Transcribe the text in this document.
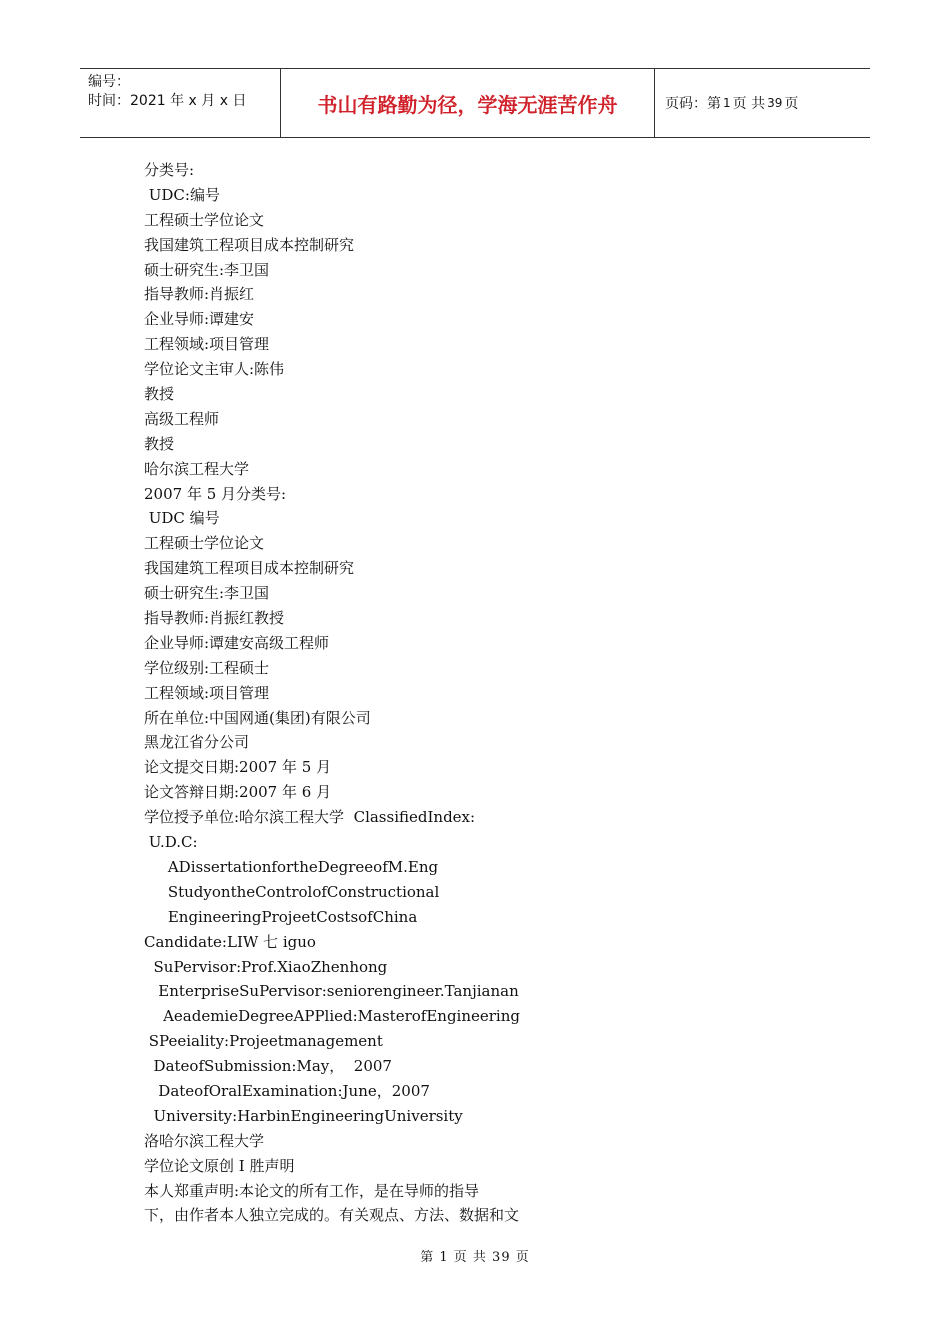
编号：
时间：2021 年 x 月 x 日	书山有路勤为径，学海无涯苦作舟	页码：第 1 页 共 39 页
分类号:
UDC:编号
工程硕士学位论文
我国建筑工程项目成本控制研究
硕士研究生:李卫国
指导教师:肖振红
企业导师:谭建安
工程领域:项目管理
学位论文主审人:陈伟
教授
高级工程师
教授
哈尔滨工程大学
2007 年 5 月分类号:
UDC 编号
工程硕士学位论文
我国建筑工程项目成本控制研究
硕士研究生:李卫国
指导教师:肖振红教授
企业导师:谭建安高级工程师
学位级别:工程硕士
工程领域:项目管理
所在单位:中国网通(集团)有限公司
黑龙江省分公司
论文提交日期:2007 年 5 月
论文答辩日期:2007 年 6 月
学位授予单位:哈尔滨工程大学  ClassifiedIndex:
U.D.C:
ADissertationfortheDegreeofM.Eng
StudyontheControlofConstructional
EngineeringProjeetCostsofChina
Candidate:LIW 七 iguo
SuPervisor:Prof.XiaoZhenhong
EnterpriseSuPervisor:seniorengineer.Tanjianan
AeademieDegreeAPPlied:MasterofEngineering
SPeeiality:Projeetmanagement
DateofSubmission:May，  2007
DateofOralExamination:June，2007
University:HarbinEngineeringUniversity
洛哈尔滨工程大学
学位论文原创 I 胜声明
本人郑重声明:本论文的所有工作，是在导师的指导
下，由作者本人独立完成的。有关观点、方法、数据和文
第 1 页 共 39 页
